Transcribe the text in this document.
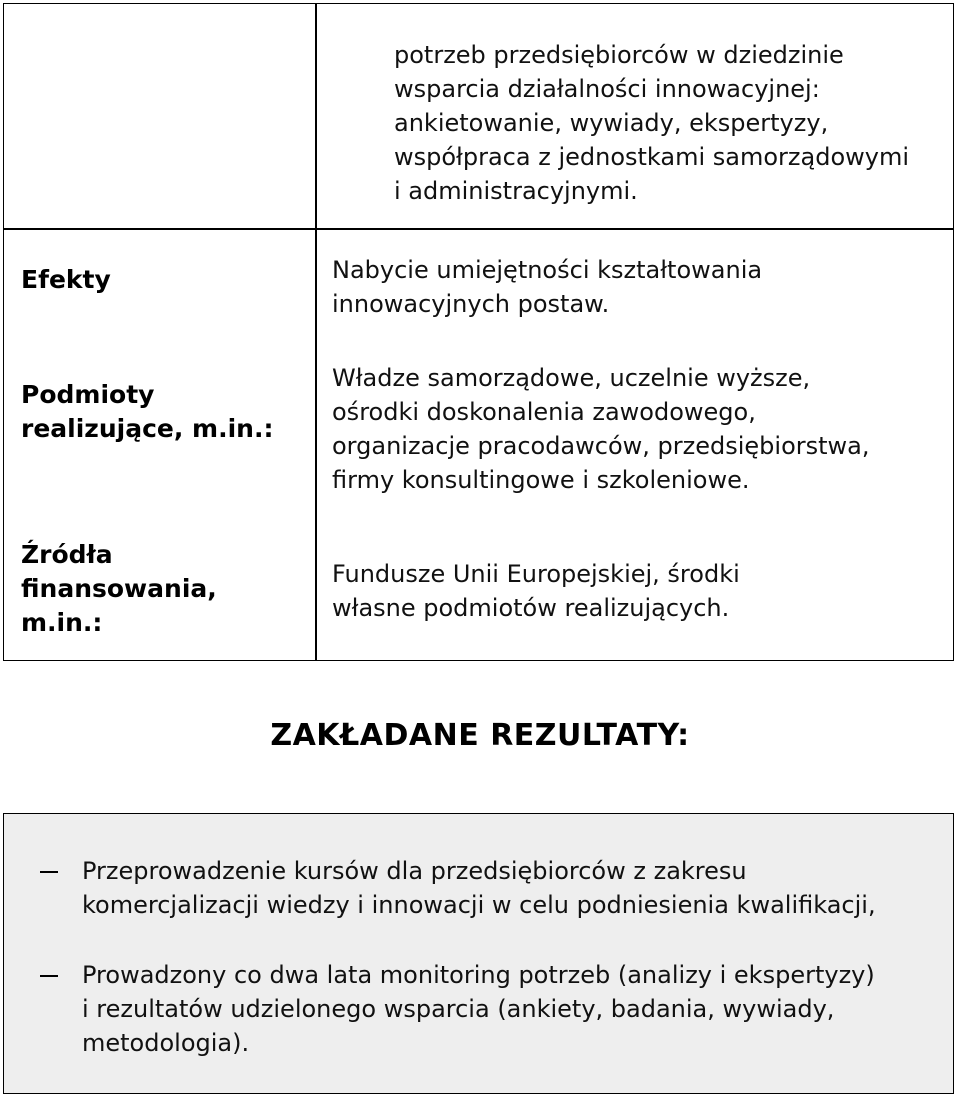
potrzeb przedsiębiorców w dziedzinie
wsparcia działalności innowacyjnej:
ankietowanie, wywiady, ekspertyzy,
współpraca z jednostkami samorządowymi
i administracyjnymi.
Efekty	Nabycie umiejętności kształtowania
innowacyjnych postaw.
Podmioty
realizujące, m.in.:
Władze samorządowe, uczelnie wyższe,
ośrodki doskonalenia zawodowego,
organizacje pracodawców, przedsiębiorstwa,
firmy konsultingowe i szkoleniowe.
Źródła
finansowania,
m.in.:
Fundusze Unii Europejskiej, środki
własne podmiotów realizujących.
ZAKŁADANE REZULTATY:
Przeprowadzenie kursów dla przedsiębiorców z zakresu
komercjalizacji wiedzy i innowacji w celu podniesienia kwalifikacji,
Prowadzony co dwa lata monitoring potrzeb (analizy i ekspertyzy)
i rezultatów udzielonego wsparcia (ankiety, badania, wywiady,
metodologia).
